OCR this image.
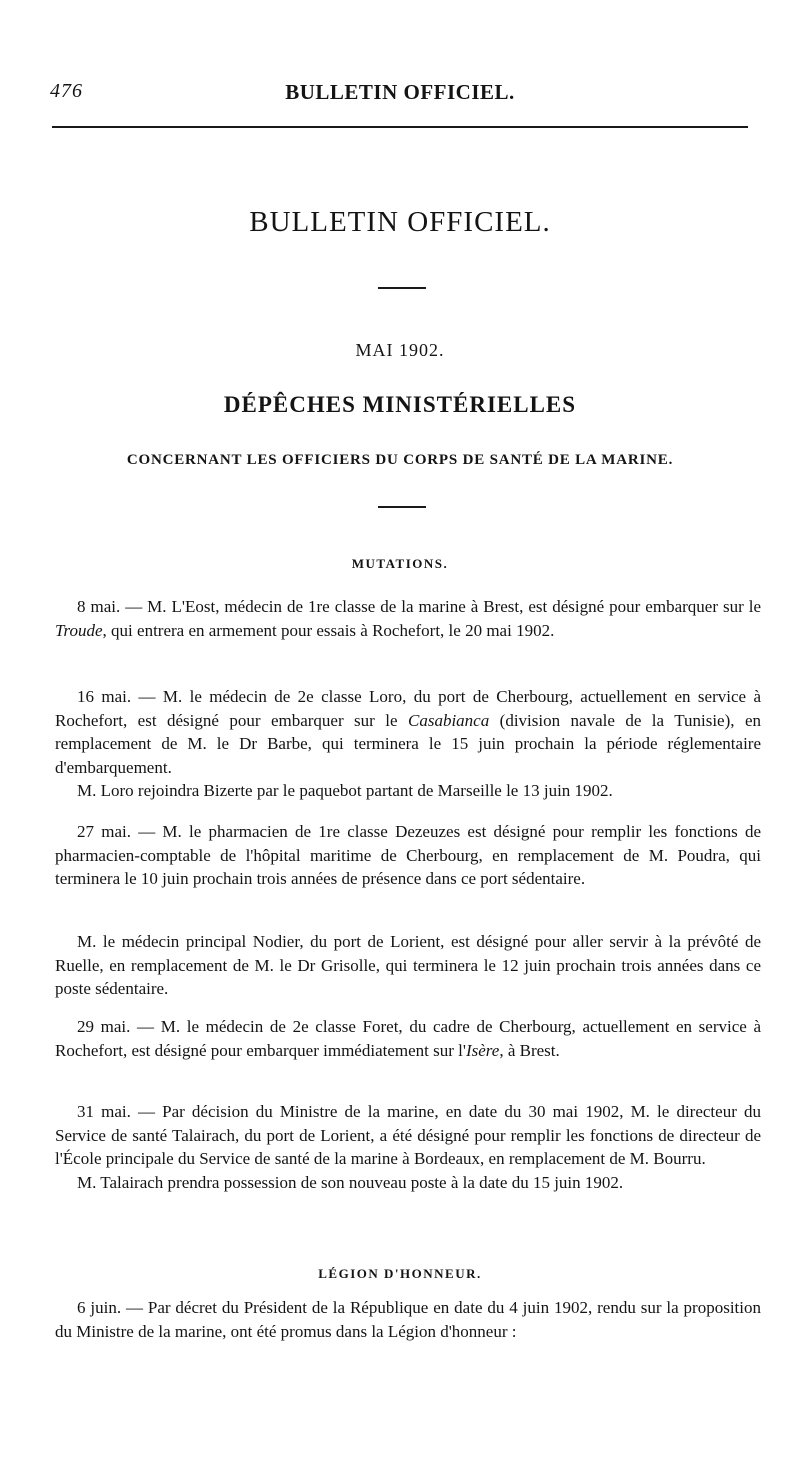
476	BULLETIN OFFICIEL.
BULLETIN OFFICIEL.
MAI 1902.
DÉPÊCHES MINISTÉRIELLES
CONCERNANT LES OFFICIERS DU CORPS DE SANTÉ DE LA MARINE.
MUTATIONS.

8 mai. — M. L'Eost, médecin de 1re classe de la marine à Brest, est désigné pour embarquer sur le Troude, qui entrera en armement pour essais à Rochefort, le 20 mai 1902.

16 mai. — M. le médecin de 2e classe Loro, du port de Cherbourg, actuellement en service à Rochefort, est désigné pour embarquer sur le Casabianca (division navale de la Tunisie), en remplacement de M. le Dr Barbe, qui terminera le 15 juin prochain la période réglementaire d'embarquement.

M. Loro rejoindra Bizerte par le paquebot partant de Marseille le 13 juin 1902.

27 mai. — M. le pharmacien de 1re classe Dezeuzes est désigné pour remplir les fonctions de pharmacien-comptable de l'hôpital maritime de Cherbourg, en remplacement de M. Poudra, qui terminera le 10 juin prochain trois années de présence dans ce port sédentaire.

M. le médecin principal Nodier, du port de Lorient, est désigné pour aller servir à la prévôté de Ruelle, en remplacement de M. le Dr Grisolle, qui terminera le 12 juin prochain trois années dans ce poste sédentaire.

29 mai. — M. le médecin de 2e classe Foret, du cadre de Cherbourg, actuellement en service à Rochefort, est désigné pour embarquer immédiatement sur l'Isère, à Brest.

31 mai. — Par décision du Ministre de la marine, en date du 30 mai 1902, M. le directeur du Service de santé Talairach, du port de Lorient, a été désigné pour remplir les fonctions de directeur de l'École principale du Service de santé de la marine à Bordeaux, en remplacement de M. Bourru.

M. Talairach prendra possession de son nouveau poste à la date du 15 juin 1902.

LÉGION D'HONNEUR.

6 juin. — Par décret du Président de la République en date du 4 juin 1902, rendu sur la proposition du Ministre de la marine, ont été promus dans la Légion d'honneur :
